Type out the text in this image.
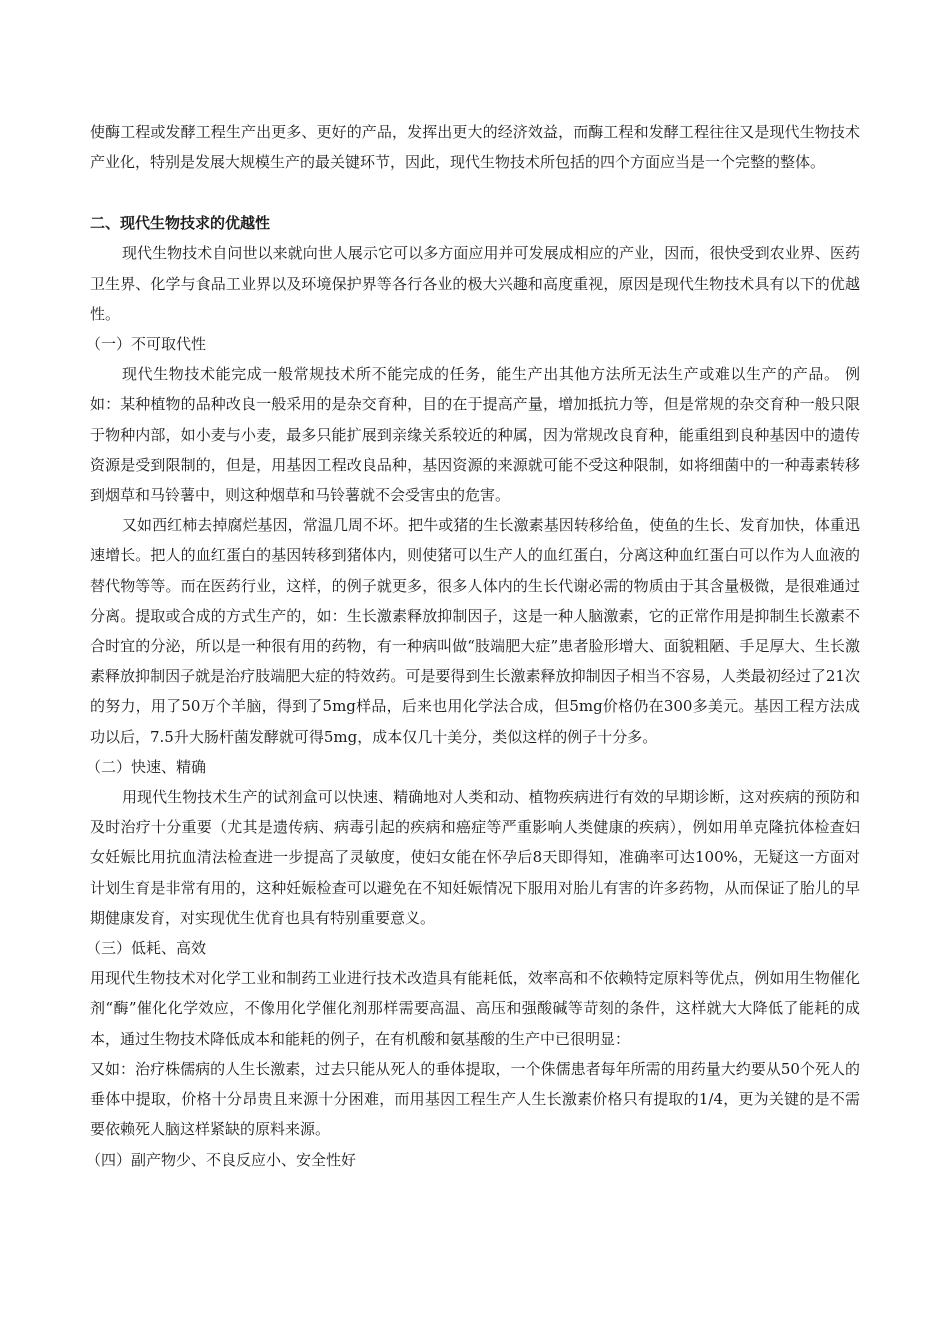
使酶工程或发酵工程生产出更多、更好的产品，发挥出更大的经济效益，而酶工程和发酵工程往往又是现代生物技术产业化，特别是发展大规模生产的最关键环节，因此，现代生物技术所包括的四个方面应当是一个完整的整体。

二、现代生物技求的优越性

现代生物技术自问世以来就向世人展示它可以多方面应用并可发展成相应的产业，因而，很快受到农业界、医药卫生界、化学与食品工业界以及环境保护界等各行各业的极大兴趣和高度重视，原因是现代生物技术具有以下的优越性。

（一）不可取代性

现代生物技术能完成一般常规技术所不能完成的任务，能生产出其他方法所无法生产或难以生产的产品。 例如：某种植物的品种改良一般采用的是杂交育种，目的在于提高产量，增加抵抗力等，但是常规的杂交育种一般只限于物种内部，如小麦与小麦，最多只能扩展到亲缘关系较近的种属，因为常规改良育种，能重组到良种基因中的遗传资源是受到限制的，但是，用基因工程改良品种，基因资源的来源就可能不受这种限制，如将细菌中的一种毒素转移到烟草和马铃薯中，则这种烟草和马铃薯就不会受害虫的危害。

又如西红柿去掉腐烂基因，常温几周不坏。把牛或猪的生长激素基因转移给鱼，使鱼的生长、发育加快，体重迅速增长。把人的血红蛋白的基因转移到猪体内，则使猪可以生产人的血红蛋白，分离这种血红蛋白可以作为人血液的替代物等等。而在医药行业，这样，的例子就更多，很多人体内的生长代谢必需的物质由于其含量极微，是很难通过分离。提取或合成的方式生产的，如：生长激素释放抑制因子，这是一种人脑激素，它的正常作用是抑制生长激素不合时宜的分泌，所以是一种很有用的药物，有一种病叫做“肢端肥大症”患者脸形增大、面貌粗陋、手足厚大、生长激素释放抑制因子就是治疗肢端肥大症的特效药。可是要得到生长激素释放抑制因子相当不容易，人类最初经过了21次的努力，用了50万个羊脑，得到了5mg样品，后来也用化学法合成，但5mg价格仍在300多美元。基因工程方法成功以后，7.5升大肠杆菌发酵就可得5mg，成本仅几十美分，类似这样的例子十分多。

（二）快速、精确

用现代生物技术生产的试剂盒可以快速、精确地对人类和动、植物疾病进行有效的早期诊断，这对疾病的预防和及时治疗十分重要（尤其是遗传病、病毒引起的疾病和癌症等严重影响人类健康的疾病），例如用单克隆抗体检查妇女妊娠比用抗血清法检查进一步提高了灵敏度，使妇女能在怀孕后8天即得知，准确率可达100%，无疑这一方面对计划生育是非常有用的，这种妊娠检查可以避免在不知妊娠情况下服用对胎儿有害的许多药物，从而保证了胎儿的早期健康发育，对实现优生优育也具有特别重要意义。

（三）低耗、高效

用现代生物技术对化学工业和制药工业进行技术改造具有能耗低，效率高和不依赖特定原料等优点，例如用生物催化剂“酶”催化化学效应，不像用化学催化剂那样需要高温、高压和强酸碱等苛刻的条件，这样就大大降低了能耗的成本，通过生物技术降低成本和能耗的例子，在有机酸和氨基酸的生产中已很明显：

又如：治疗株儒病的人生长激素，过去只能从死人的垂体提取，一个侏儒患者每年所需的用药量大约要从50个死人的垂体中提取，价格十分昂贵且来源十分困难，而用基因工程生产人生长激素价格只有提取的1/4，更为关键的是不需要依赖死人脑这样紧缺的原料来源。

（四）副产物少、不良反应小、安全性好
